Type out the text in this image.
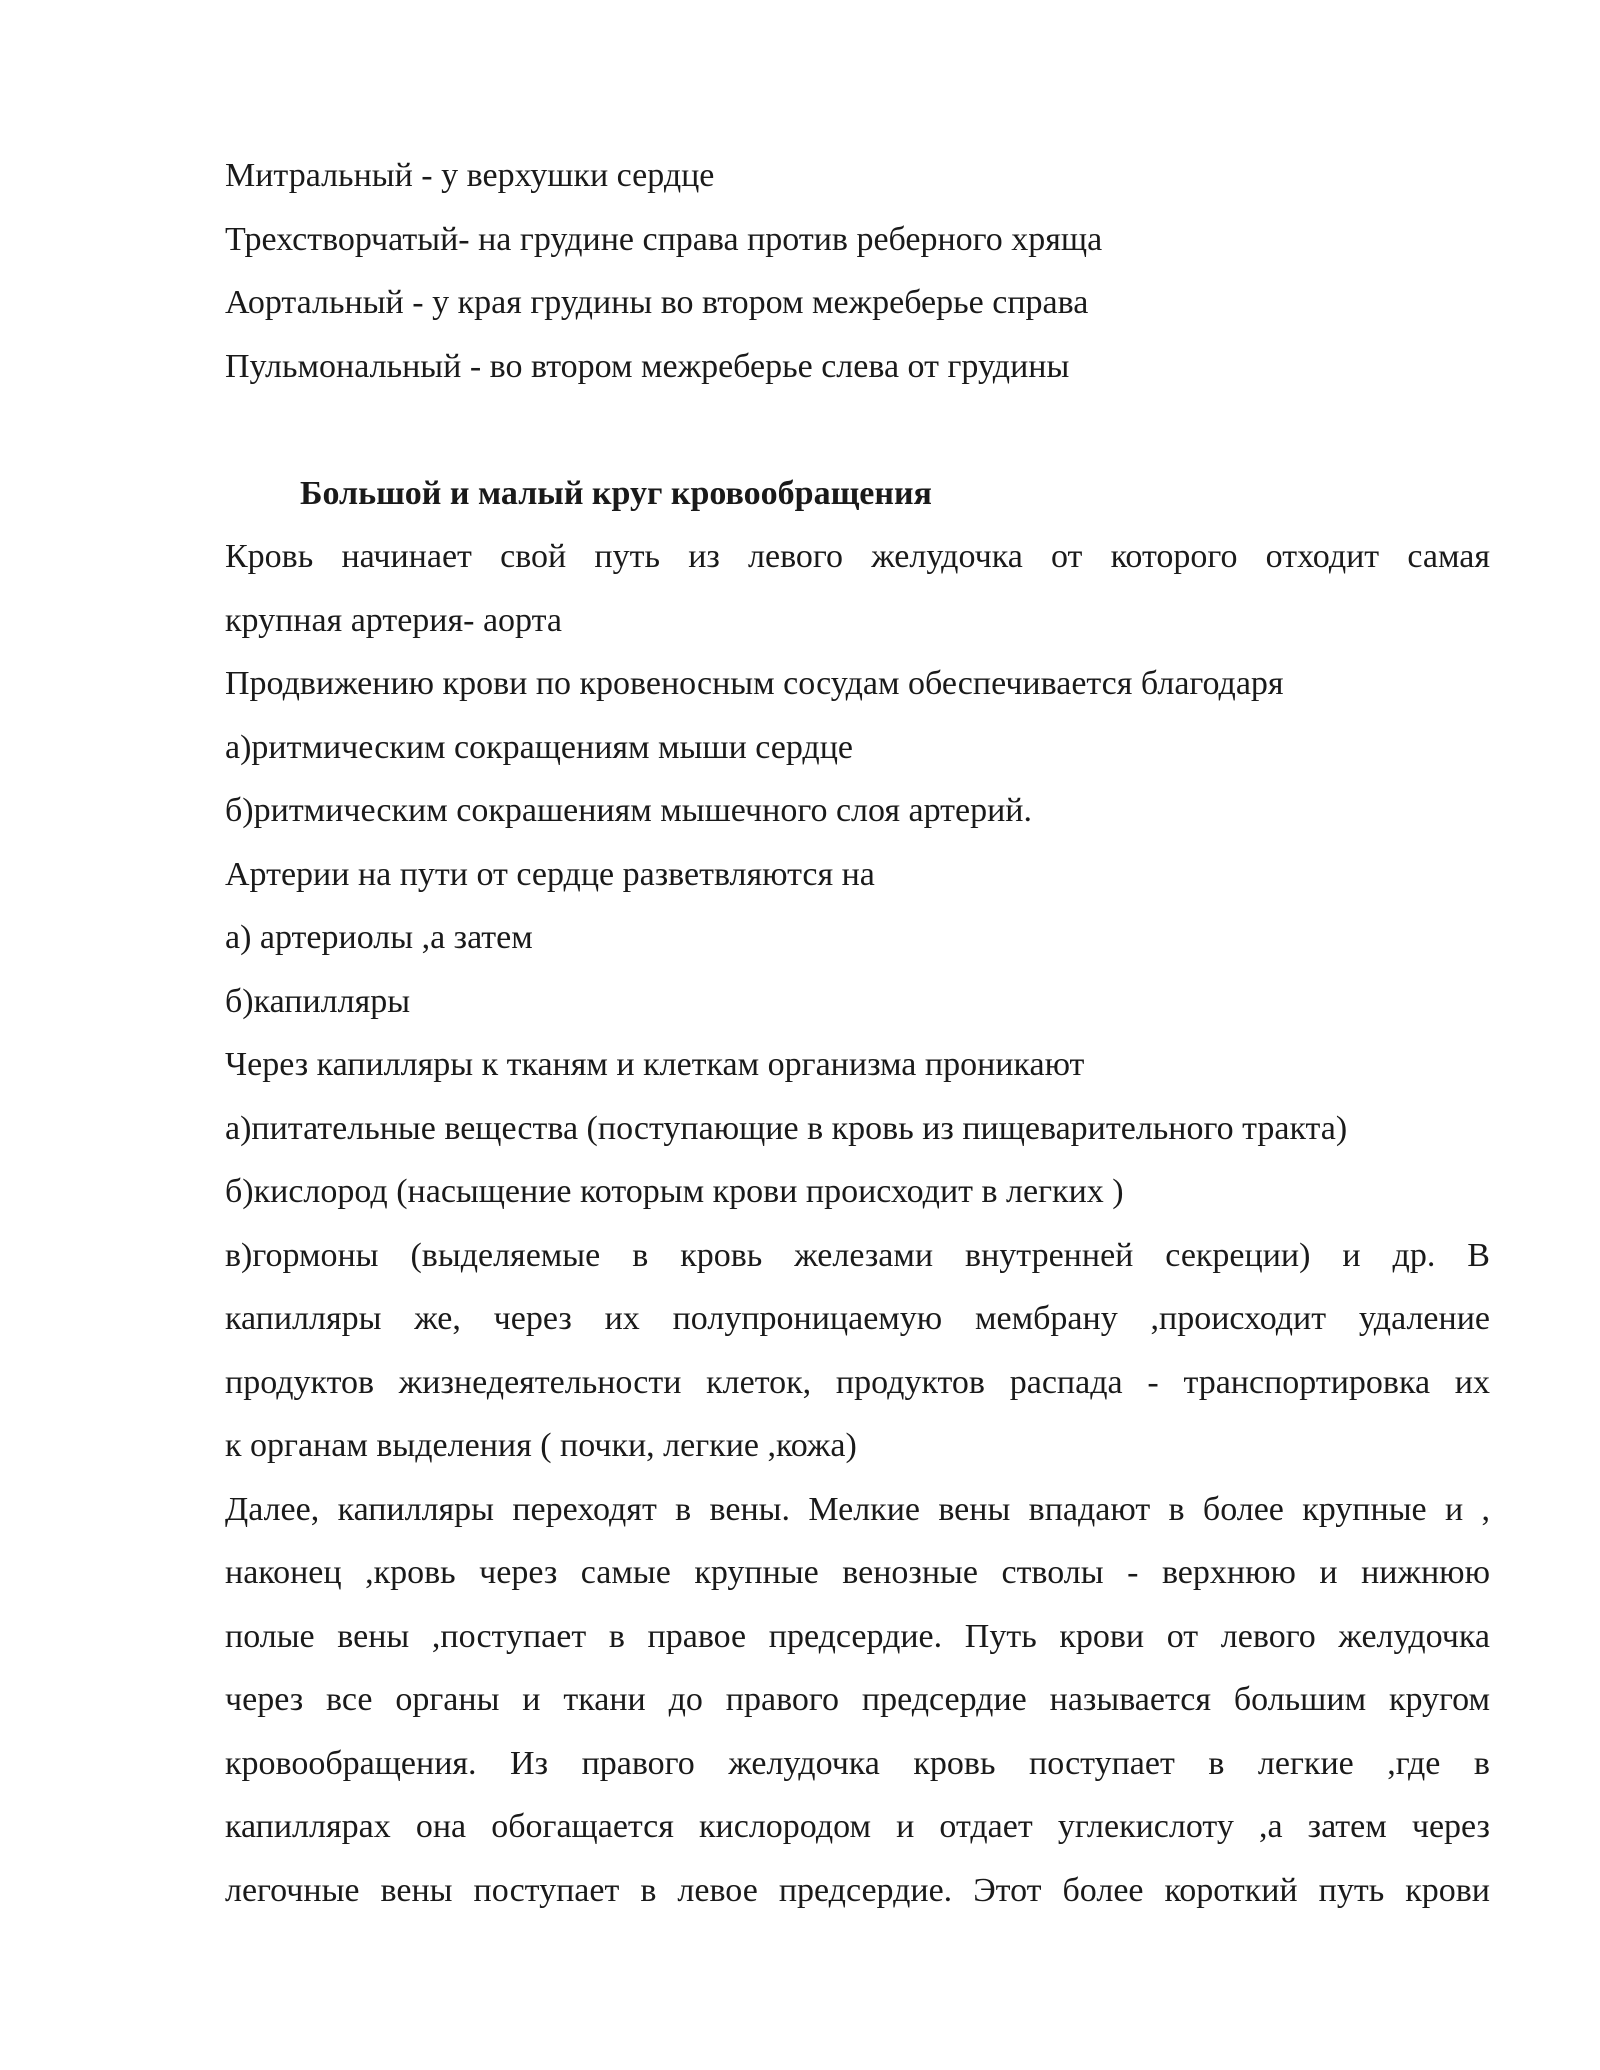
Митральный - у верхушки сердце
Трехстворчатый- на грудине справа против реберного хряща
Аортальный - у края грудины во втором межреберье справа
Пульмональный - во втором межреберье слева от грудины
Большой и малый круг кровообращения
Кровь начинает свой путь из левого желудочка от которого отходит самая
крупная артерия- аорта
Продвижению крови по кровеносным сосудам обеспечивается благодаря
а)ритмическим сокращениям мыши сердце
б)ритмическим сокрашениям мышечного слоя артерий.
Артерии на пути от сердце разветвляются на
а) артериолы ,а затем
б)капилляры
Через капилляры к тканям и клеткам организма проникают
а)питательные вещества (поступающие в кровь из пищеварительного тракта)
б)кислород (насыщение которым крови происходит в легких )
в)гормоны (выделяемые в кровь железами внутренней секреции) и др. В
капилляры же, через их полупроницаемую мембрану ,происходит удаление
продуктов жизнедеятельности клеток, продуктов распада - транспортировка их
к органам выделения ( почки, легкие ,кожа)
Далее, капилляры переходят в вены. Мелкие вены впадают в более крупные и ,
наконец ,кровь через самые крупные венозные стволы - верхнюю и нижнюю
полые вены ,поступает в правое предсердие. Путь крови от левого желудочка
через все органы и ткани до правого предсердие называется большим кругом
кровообращения. Из правого желудочка кровь поступает в легкие ,где в
капиллярах она обогащается кислородом и отдает углекислоту ,а затем через
легочные вены поступает в левое предсердие. Этот более короткий путь крови
